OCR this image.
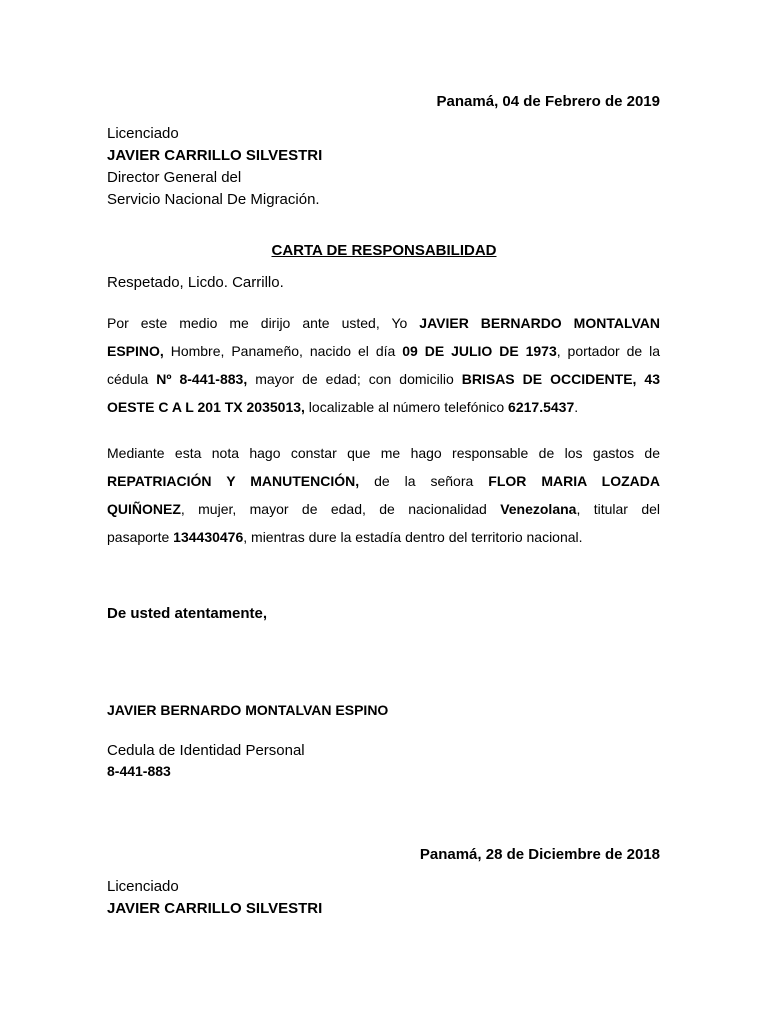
Panamá, 04 de Febrero de 2019

Licenciado

JAVIER CARRILLO SILVESTRI

Director General del

Servicio Nacional De Migración.

CARTA DE RESPONSABILIDAD

Respetado, Licdo. Carrillo.

Por este medio me dirijo ante usted, Yo JAVIER BERNARDO MONTALVAN
ESPINO, Hombre, Panameño, nacido el día 09 DE JULIO DE 1973, portador de la
cédula Nº 8-441-883, mayor de edad; con domicilio BRISAS DE OCCIDENTE, 43
OESTE C A L 201 TX 2035013, localizable al número telefónico 6217.5437.
Mediante esta nota hago constar que me hago responsable de los gastos de
REPATRIACIÓN Y MANUTENCIÓN, de la señora FLOR MARIA LOZADA
QUIÑONEZ, mujer, mayor de edad, de nacionalidad Venezolana, titular del
pasaporte 134430476, mientras dure la estadía dentro del territorio nacional.

De usted atentamente,

JAVIER BERNARDO MONTALVAN ESPINO

Cedula de Identidad Personal

8-441-883

Panamá, 28 de Diciembre de 2018

Licenciado

JAVIER CARRILLO SILVESTRI
